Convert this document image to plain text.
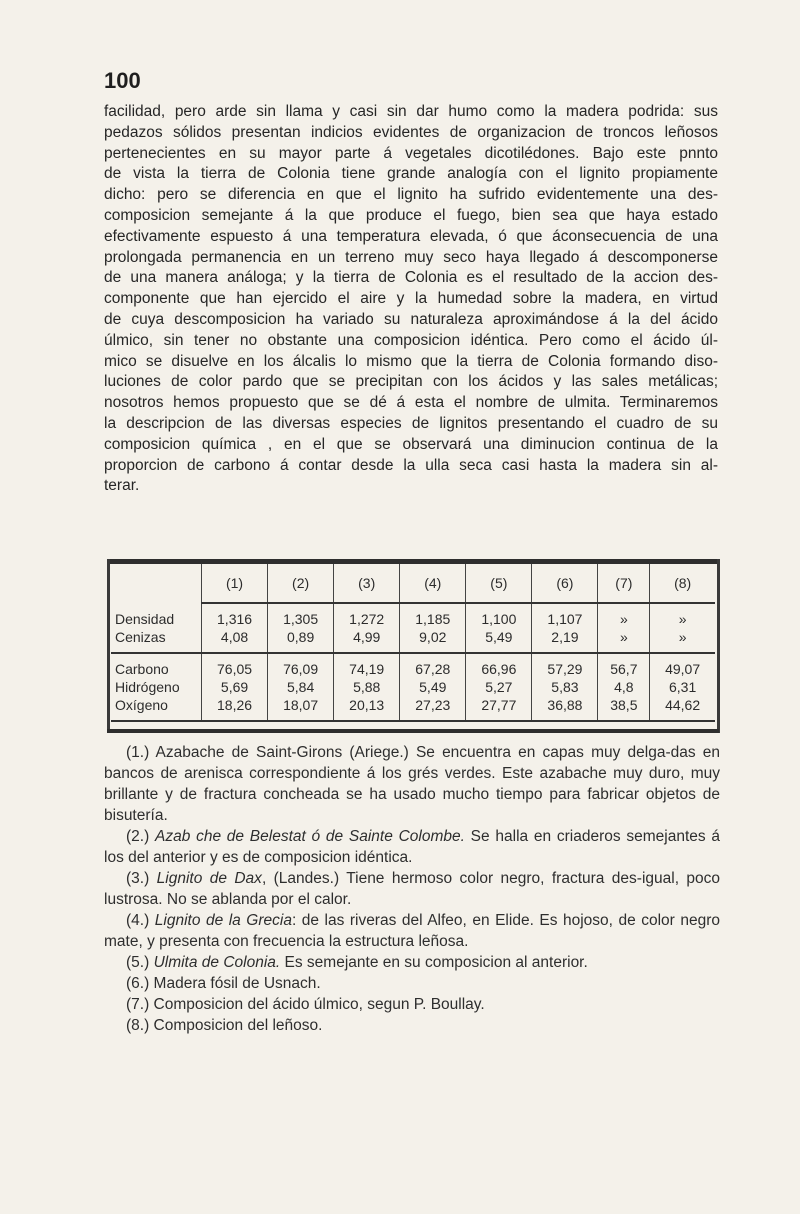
100
facilidad, pero arde sin llama y casi sin dar humo como la madera podrida: sus
pedazos sólidos presentan indicios evidentes de organizacion de troncos leñosos
pertenecientes en su mayor parte á vegetales dicotilédones. Bajo este pnnto
de vista la tierra de Colonia tiene grande analogía con el lignito propiamente
dicho: pero se diferencia en que el lignito ha sufrido evidentemente una des-
composicion semejante á la que produce el fuego, bien sea que haya estado
efectivamente espuesto á una temperatura elevada, ó que áconsecuencia de una
prolongada permanencia en un terreno muy seco haya llegado á descomponerse
de una manera análoga; y la tierra de Colonia es el resultado de la accion des-
componente que han ejercido el aire y la humedad sobre la madera, en virtud
de cuya descomposicion ha variado su naturaleza aproximándose á la del ácido
úlmico, sin tener no obstante una composicion idéntica. Pero como el ácido úl-
mico se disuelve en los álcalis lo mismo que la tierra de Colonia formando diso-
luciones de color pardo que se precipitan con los ácidos y las sales metálicas;
nosotros hemos propuesto que se dé á esta el nombre de ulmita. Terminaremos
la descripcion de las diversas especies de lignitos presentando el cuadro de su
composicion química , en el que se observará una diminucion continua de la
proporcion de carbono á contar desde la ulla seca casi hasta la madera sin al-
terar.
	(1)	(2)	(3)	(4)	(5)	(6)	(7)	(8)
Densidad	1,316	1,305	1,272	1,185	1,100	1,107	»	»
Cenizas	4,08	0,89	4,99	9,02	5,49	2,19	»	»
Carbono	76,05	76,09	74,19	67,28	66,96	57,29	56,7	49,07
Hidrógeno	5,69	5,84	5,88	5,49	5,27	5,83	4,8	6,31
Oxígeno	18,26	18,07	20,13	27,23	27,77	36,88	38,5	44,62

(1.) Azabache de Saint-Girons (Ariege.) Se encuentra en capas muy delga-das en bancos de arenisca correspondiente á los grés verdes. Este azabache muy duro, muy brillante y de fractura concheada se ha usado mucho tiempo para fabricar objetos de bisutería.

(2.) Azab che de Belestat ó de Sainte Colombe. Se halla en criaderos semejantes á los del anterior y es de composicion idéntica.

(3.) Lignito de Dax, (Landes.) Tiene hermoso color negro, fractura des-igual, poco lustrosa. No se ablanda por el calor.

(4.) Lignito de la Grecia: de las riveras del Alfeo, en Elide. Es hojoso, de color negro mate, y presenta con frecuencia la estructura leñosa.

(5.) Ulmita de Colonia. Es semejante en su composicion al anterior.

(6.) Madera fósil de Usnach.

(7.) Composicion del ácido úlmico, segun P. Boullay.

(8.) Composicion del leñoso.
